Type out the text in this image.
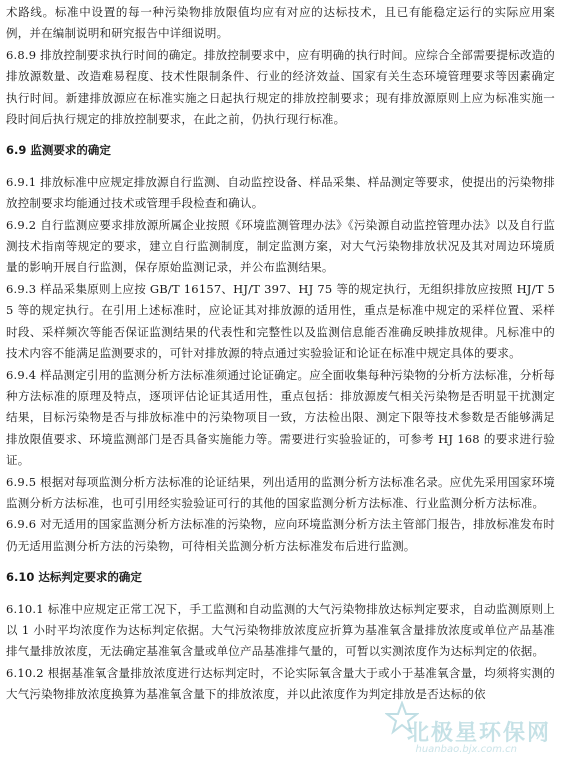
术路线。标准中设置的每一种污染物排放限值均应有对应的达标技术，且已有能稳定运行的实际应用案例，并在编制说明和研究报告中详细说明。

6.8.9 排放控制要求执行时间的确定。排放控制要求中，应有明确的执行时间。应综合全部需要提标改造的排放源数量、改造难易程度、技术性限制条件、行业的经济效益、国家有关生态环境管理要求等因素确定执行时间。新建排放源应在标准实施之日起执行规定的排放控制要求；现有排放源原则上应为标准实施一段时间后执行规定的排放控制要求，在此之前，仍执行现行标准。

6.9 监测要求的确定

6.9.1 排放标准中应规定排放源自行监测、自动监控设备、样品采集、样品测定等要求，使提出的污染物排放控制要求均能通过技术或管理手段检查和确认。

6.9.2 自行监测应要求排放源所属企业按照《环境监测管理办法》《污染源自动监控管理办法》以及自行监测技术指南等规定的要求，建立自行监测制度，制定监测方案，对大气污染物排放状况及其对周边环境质量的影响开展自行监测，保存原始监测记录，并公布监测结果。

6.9.3 样品采集原则上应按 GB/T 16157、HJ/T 397、HJ 75 等的规定执行，无组织排放应按照 HJ/T 55 等的规定执行。在引用上述标准时，应论证其对排放源的适用性，重点是标准中规定的采样位置、采样时段、采样频次等能否保证监测结果的代表性和完整性以及监测信息能否准确反映排放规律。凡标准中的技术内容不能满足监测要求的，可针对排放源的特点通过实验验证和论证在标准中规定具体的要求。

6.9.4 样品测定引用的监测分析方法标准须通过论证确定。应全面收集每种污染物的分析方法标准，分析每种方法标准的原理及特点，逐项评估论证其适用性，重点包括：排放源废气相关污染物是否明显干扰测定结果，目标污染物是否与排放标准中的污染物项目一致，方法检出限、测定下限等技术参数是否能够满足排放限值要求、环境监测部门是否具备实施能力等。需要进行实验验证的，可参考 HJ 168 的要求进行验证。

6.9.5 根据对每项监测分析方法标准的论证结果，列出适用的监测分析方法标准名录。应优先采用国家环境监测分析方法标准，也可引用经实验验证可行的其他的国家监测分析方法标准、行业监测分析方法标准。

6.9.6 对无适用的国家监测分析方法标准的污染物，应向环境监测分析方法主管部门报告，排放标准发布时仍无适用监测分析方法的污染物，可待相关监测分析方法标准发布后进行监测。

6.10 达标判定要求的确定

6.10.1 标准中应规定正常工况下，手工监测和自动监测的大气污染物排放达标判定要求，自动监测原则上以 1 小时平均浓度作为达标判定依据。大气污染物排放浓度应折算为基准氧含量排放浓度或单位产品基准排气量排放浓度，无法确定基准氧含量或单位产品基准排气量的，可暂以实测浓度作为达标判定的依据。

6.10.2 根据基准氧含量排放浓度进行达标判定时，不论实际氧含量大于或小于基准氧含量，均须将实测的大气污染物排放浓度换算为基准氧含量下的排放浓度，并以此浓度作为判定排放是否达标的依

北极星环保网
huanbao.bjx.com.cn
